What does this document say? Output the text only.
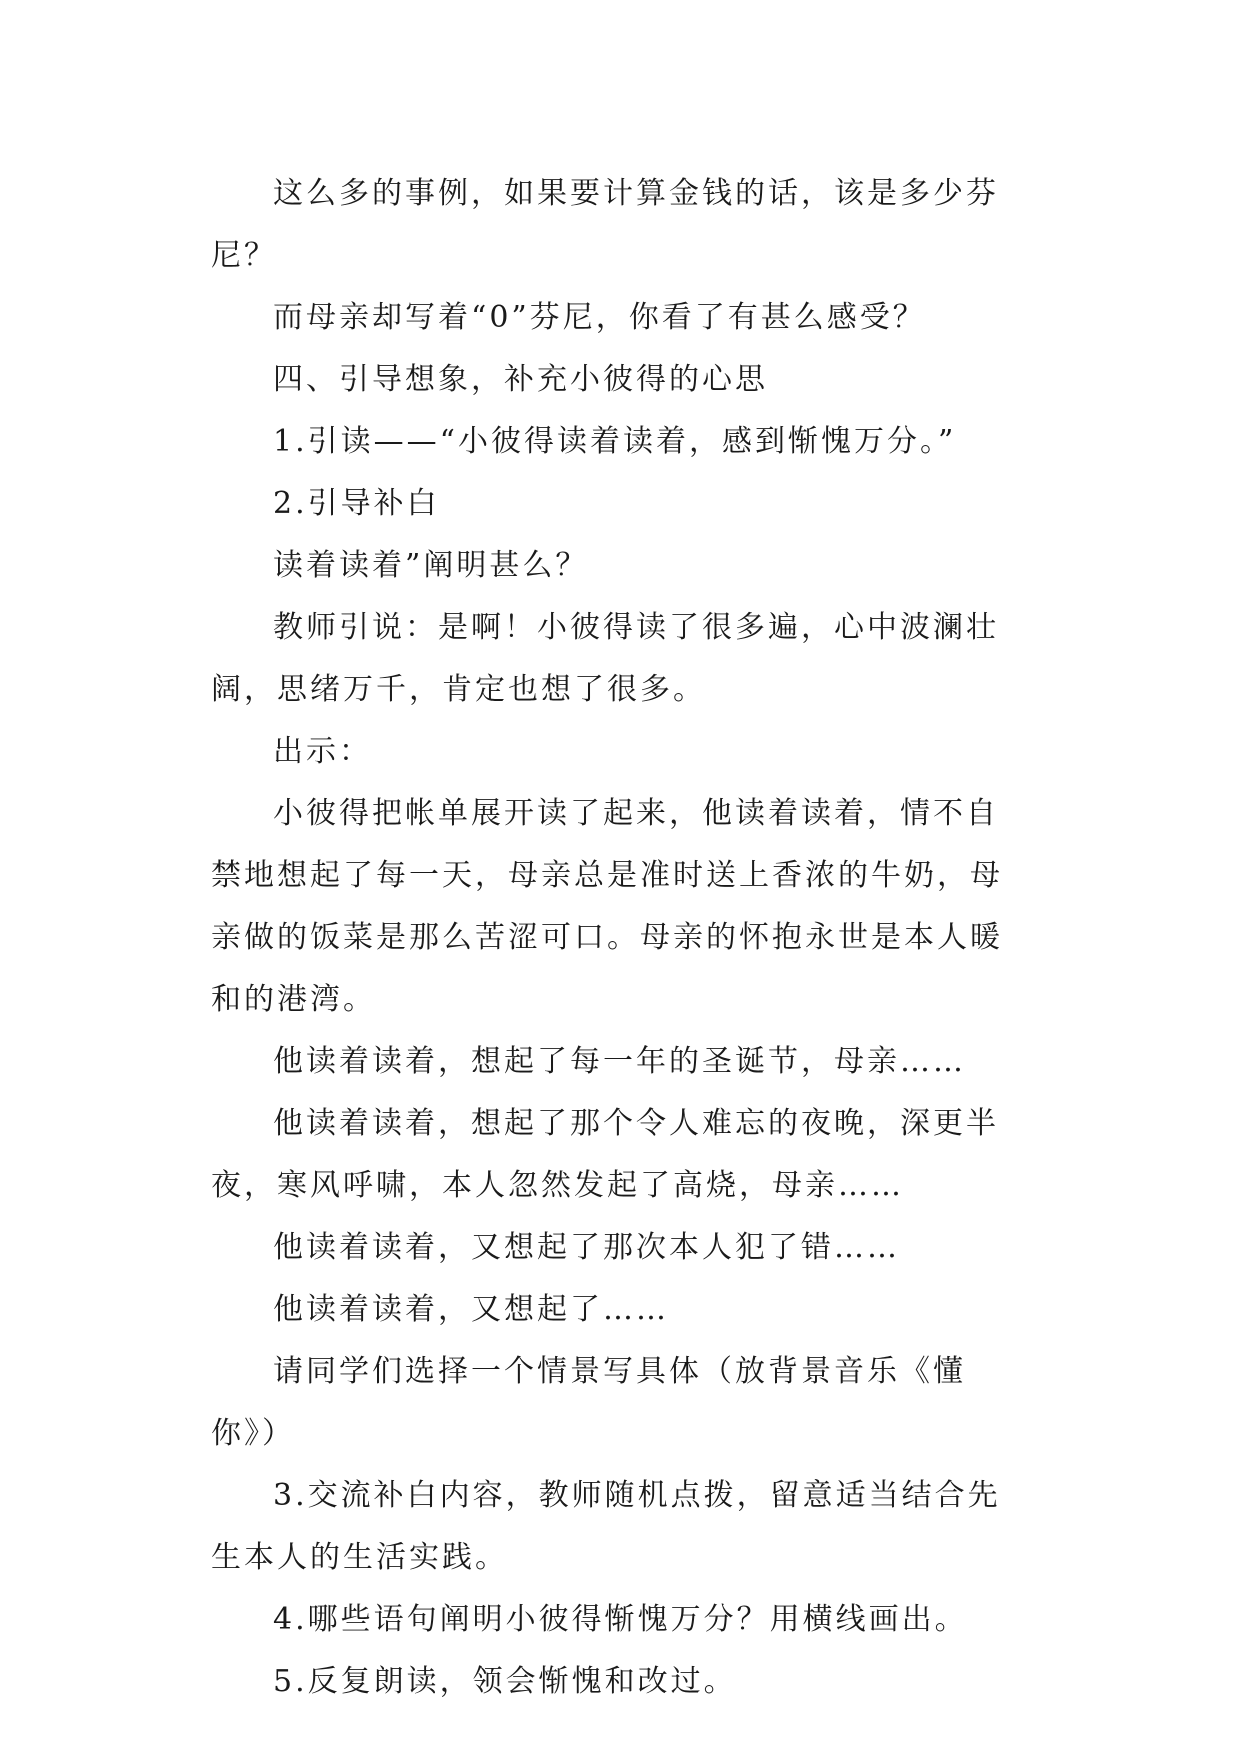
这么多的事例，如果要计算金钱的话，该是多少芬尼？

而母亲却写着“0”芬尼，你看了有甚么感受？

四、引导想象，补充小彼得的心思

1.引读——“小彼得读着读着，感到惭愧万分。”

2.引导补白

读着读着”阐明甚么？

教师引说：是啊！小彼得读了很多遍，心中波澜壮阔，思绪万千，肯定也想了很多。

出示：

小彼得把帐单展开读了起来，他读着读着，情不自禁地想起了每一天，母亲总是准时送上香浓的牛奶，母亲做的饭菜是那么苦涩可口。母亲的怀抱永世是本人暖和的港湾。

他读着读着，想起了每一年的圣诞节，母亲……

他读着读着，想起了那个令人难忘的夜晚，深更半夜，寒风呼啸，本人忽然发起了高烧，母亲……

他读着读着，又想起了那次本人犯了错……

他读着读着，又想起了……

请同学们选择一个情景写具体（放背景音乐《懂你》）

3.交流补白内容，教师随机点拨，留意适当结合先生本人的生活实践。

4.哪些语句阐明小彼得惭愧万分？用横线画出。

5.反复朗读，领会惭愧和改过。
